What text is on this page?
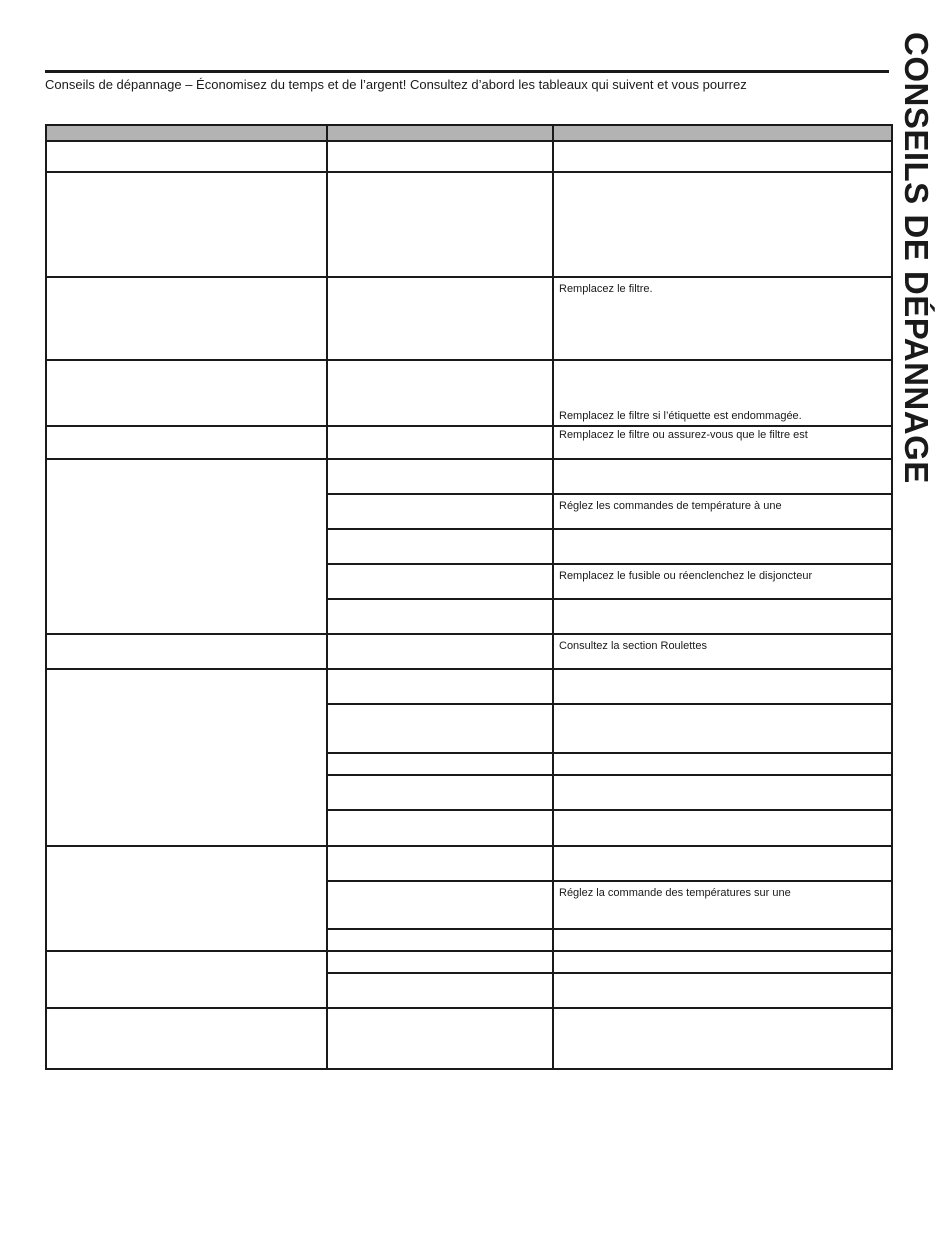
Conseils de dépannage – Économisez du temps et de l’argent! Consultez d’abord les tableaux qui suivent et vous pourrez	CONSEILS DE DÉPANNAGE

		Remplacez le filtre.

		Remplacez le filtre si l’étiquette est endommagée.

		Remplacez le filtre ou assurez-vous que le filtre est

		Réglez les commandes de température à une

		Remplacez le fusible ou réenclenchez le disjoncteur

		Consultez la section Roulettes

		Réglez la commande des températures sur une
